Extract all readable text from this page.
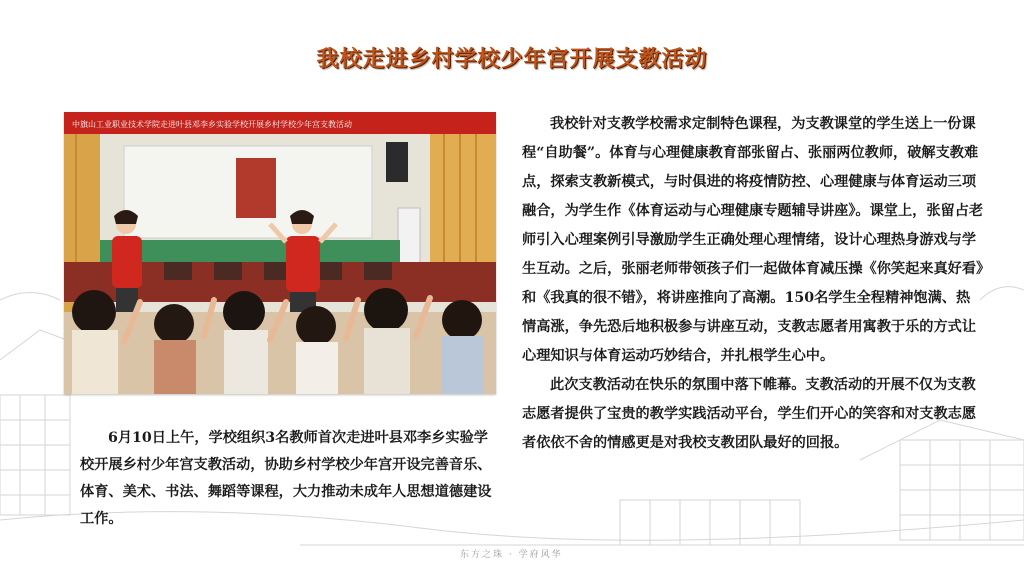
我校走进乡村学校少年宫开展支教活动
中旗山工业职业技术学院走进叶县邓李乡实验学校开展乡村学校少年宫支教活动

6月10日上午，学校组织3名教师首次走进叶县邓李乡实验学校开展乡村少年宫支教活动，协助乡村学校少年宫开设完善音乐、体育、美术、书法、舞蹈等课程，大力推动未成年人思想道德建设工作。

我校针对支教学校需求定制特色课程，为支教课堂的学生送上一份课程“自助餐”。体育与心理健康教育部张留占、张丽两位教师，破解支教难点，探索支教新模式，与时俱进的将疫情防控、心理健康与体育运动三项融合，为学生作《体育运动与心理健康专题辅导讲座》。课堂上，张留占老师引入心理案例引导激励学生正确处理心理情绪，设计心理热身游戏与学生互动。之后，张丽老师带领孩子们一起做体育减压操《你笑起来真好看》和《我真的很不错》，将讲座推向了高潮。150名学生全程精神饱满、热情高涨，争先恐后地积极参与讲座互动，支教志愿者用寓教于乐的方式让心理知识与体育运动巧妙结合，并扎根学生心中。

此次支教活动在快乐的氛围中落下帷幕。支教活动的开展不仅为支教志愿者提供了宝贵的教学实践活动平台，学生们开心的笑容和对支教志愿者依依不舍的情感更是对我校支教团队最好的回报。

东方之珠 · 学府风华
